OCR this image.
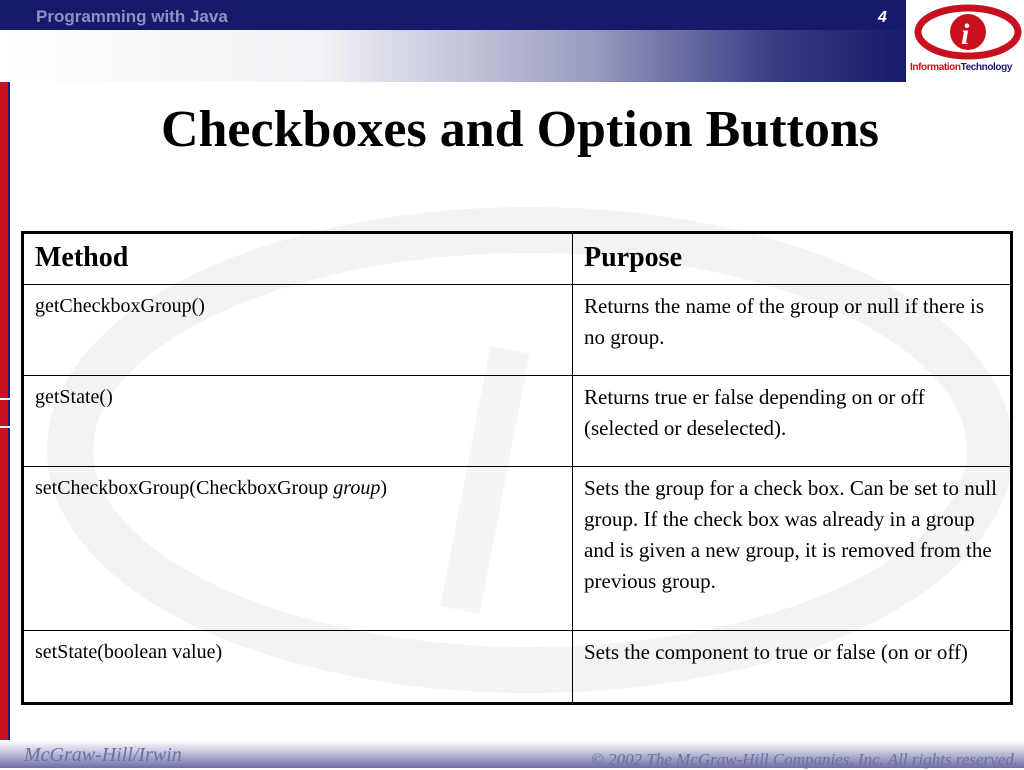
Programming with Java	4
i
InformationTechnology
Checkboxes and Option Buttons
Method	Purpose
getCheckboxGroup()	Returns the name of the group or null if there is no group.
getState()	Returns true er false depending on or off (selected or deselected).
setCheckboxGroup(CheckboxGroup group)	Sets the group for a check box. Can be set to null group. If the check box was already in a group and is given a new group, it is removed from the previous group.
setState(boolean value)	Sets the component to true or false (on or off)
McGraw-Hill/Irwin	© 2002 The McGraw-Hill Companies, Inc. All rights reserved.
